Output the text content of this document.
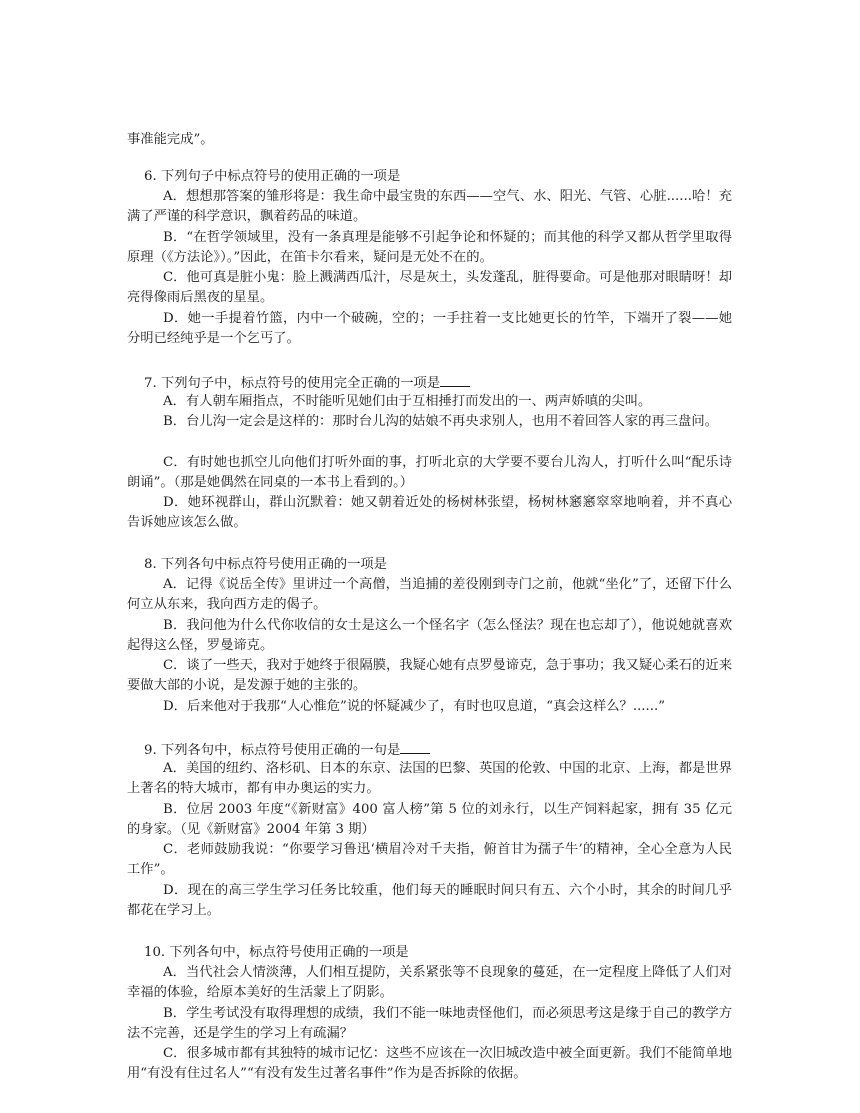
事准能完成”。
6. 下列句子中标点符号的使用正确的一项是
A．想想那答案的雏形将是：我生命中最宝贵的东西——空气、水、阳光、气管、心脏......哈！充满了严谨的科学意识，飘着药品的味道。
B．“在哲学领域里，没有一条真理是能够不引起争论和怀疑的；而其他的科学又都从哲学里取得原理（《方法论》）。”因此，在笛卡尔看来，疑问是无处不在的。
C．他可真是脏小鬼：脸上溅满西瓜汁，尽是灰土，头发蓬乱，脏得要命。可是他那对眼睛呀！却亮得像雨后黑夜的星星。
D．她一手提着竹篮，内中一个破碗，空的；一手拄着一支比她更长的竹竿，下端开了裂——她分明已经纯乎是一个乞丐了。
7. 下列句子中，标点符号的使用完全正确的一项是
A．有人朝车厢指点，不时能听见她们由于互相捶打而发出的一、两声娇嗔的尖叫。
B．台儿沟一定会是这样的：那时台儿沟的姑娘不再央求别人，也用不着回答人家的再三盘问。
C．有时她也抓空儿向他们打听外面的事，打听北京的大学要不要台儿沟人，打听什么叫“配乐诗朗诵”。（那是她偶然在同桌的一本书上看到的。）
D．她环视群山，群山沉默着：她又朝着近处的杨树林张望，杨树林窸窸窣窣地响着，并不真心告诉她应该怎么做。
8. 下列各句中标点符号使用正确的一项是
A．记得《说岳全传》里讲过一个高僧，当追捕的差役刚到寺门之前，他就“坐化”了，还留下什么何立从东来，我向西方走的偈子。
B．我问他为什么代你收信的女士是这么一个怪名字（怎么怪法？现在也忘却了），他说她就喜欢起得这么怪，罗曼谛克。
C．谈了一些天，我对于她终于很隔膜，我疑心她有点罗曼谛克，急于事功；我又疑心柔石的近来要做大部的小说，是发源于她的主张的。
D．后来他对于我那“人心惟危”说的怀疑减少了，有时也叹息道，“真会这样么？......”
9. 下列各句中，标点符号使用正确的一句是
A．美国的纽约、洛杉矶、日本的东京、法国的巴黎、英国的伦敦、中国的北京、上海，都是世界上著名的特大城市，都有申办奥运的实力。
B．位居 2003 年度“《新财富》400 富人榜”第 5 位的刘永行，以生产饲料起家，拥有 35 亿元的身家。（见《新财富》2004 年第 3 期）
C．老师鼓励我说：“你要学习鲁迅‘横眉冷对千夫指，俯首甘为孺子牛’的精神，全心全意为人民工作”。
D．现在的高三学生学习任务比较重，他们每天的睡眠时间只有五、六个小时，其余的时间几乎都花在学习上。
10. 下列各句中，标点符号使用正确的一项是
A．当代社会人情淡薄，人们相互提防，关系紧张等不良现象的蔓延，在一定程度上降低了人们对幸福的体验，给原本美好的生活蒙上了阴影。
B．学生考试没有取得理想的成绩，我们不能一味地责怪他们，而必须思考这是缘于自己的教学方法不完善，还是学生的学习上有疏漏？
C．很多城市都有其独特的城市记忆：这些不应该在一次旧城改造中被全面更新。我们不能简单地用“有没有住过名人”“有没有发生过著名事件”作为是否拆除的依据。
